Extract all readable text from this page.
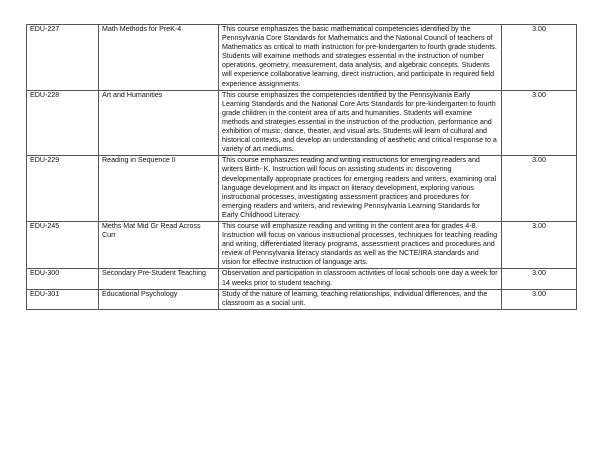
EDU-227	Math Methods for PreK-4	This course emphasizes the basic mathematical competencies identified by the Pennsylvania Core Standards for Mathematics and the National Council of teachers of Mathematics as critical to math instruction for pre-kindergarten to fourth grade students. Students will examine methods and strategies essential in the instruction of number operations, geometry, measurement, data analysis, and algebraic concepts. Students will experience collaborative learning, direct instruction, and participate in required field experience assignments.	3.00
EDU-228	Art and Humanities	This course emphasizes the competencies identified by the Pennsylvania Early Learning Standards and the National Core Arts Standards for pre-kindergarten to fourth grade children in the content area of arts and humanities. Students will examine methods and strategies essential in the instruction of the production, performance and exhibition of music, dance, theater, and visual arts. Students will learn of cultural and historical contexts, and develop an understanding of aesthetic and critical response to a variety of art mediums.	3.00
EDU-229	Reading in Sequence II	This course emphasizes reading and writing instructions for emerging readers and writers Birth- K. Instruction will focus on assisting students in: discovering developmentally appropriate practices for emerging readers and writers, examining oral language development and its impact on literacy development, exploring various instructional processes, investigating assessment practices and procedures for emerging readers and writers, and reviewing Pennsylvania Learning Standards for Early Childhood Literacy.	3.00
EDU-245	Meths Mat Mid Gr Read Across Curr	This course will emphasize reading and writing in the content area for grades 4-8. Instruction will focus on various instructional processes, techniques for teaching reading and writing, differentiated literacy programs, assessment practices and procedures and review of Pennsylvania literacy standards as well as the NCTE/IRA standards and vision for effective instruction of language arts.	3.00
EDU-300	Secondary Pre-Student Teaching	Observation and participation in classroom activities of local schools one day a week for 14 weeks prior to student teaching.	3.00
EDU-301	Educational Psychology	Study of the nature of learning, teaching relationships, individual differences, and the classroom as a social unit.	3.00
